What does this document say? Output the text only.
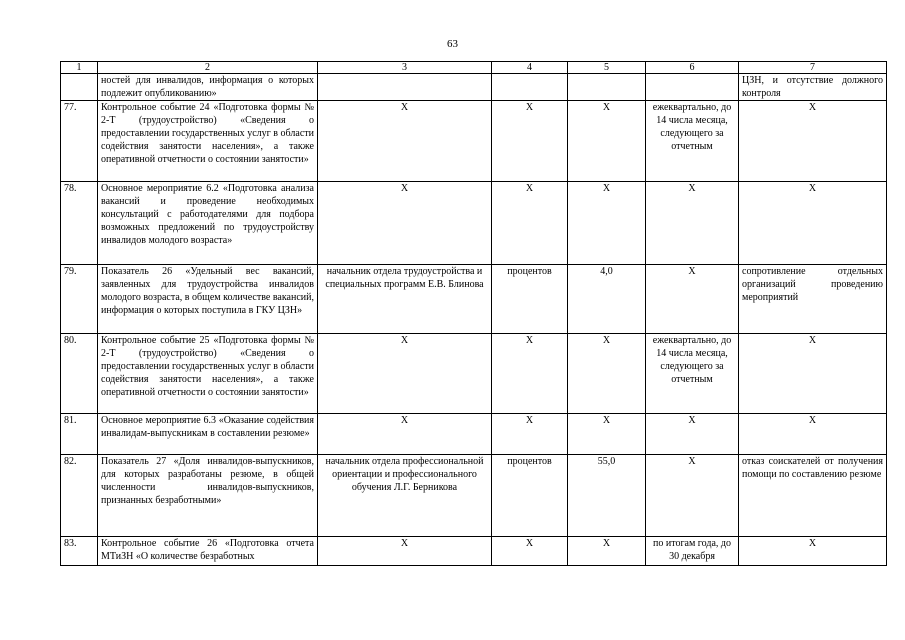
63
1	2	3	4	5	6	7
	ностей для инвалидов, информация о которых подлежит опубликованию»					ЦЗН, и отсутствие должного контроля
77.	Контрольное событие 24 «Подготовка формы № 2-Т (трудоустройство) «Сведения о предоставлении государственных услуг в области содействия занятости населения», а также оперативной отчетности о состоянии занятости»	Х	Х	Х	ежеквартально, до 14 числа месяца, следующего за отчетным	Х
78.	Основное мероприятие 6.2 «Подготовка анализа вакансий и проведение необходимых консультаций с работодателями для подбора возможных предложений по трудоустройству инвалидов молодого возраста»	Х	Х	Х	Х	Х
79.	Показатель 26 «Удельный вес вакансий, заявленных для трудоустройства инвалидов молодого возраста, в общем количестве вакансий, информация о которых поступила в ГКУ ЦЗН»	начальник отдела трудоустройства и специальных программ Е.В. Блинова	процентов	4,0	Х	сопротивление отдельных организаций проведению мероприятий
80.	Контрольное событие 25 «Подготовка формы № 2-Т (трудоустройство) «Сведения о предоставлении государственных услуг в области содействия занятости населения», а также оперативной отчетности о состоянии занятости»	Х	Х	Х	ежеквартально, до 14 числа месяца, следующего за отчетным	Х
81.	Основное мероприятие 6.3 «Оказание содействия инвалидам-выпускникам в составлении резюме»	Х	Х	Х	Х	Х
82.	Показатель 27 «Доля инвалидов-выпускников, для которых разработаны резюме, в общей численности инвалидов-выпускников, признанных безработными»	начальник отдела профессиональной ориентации и профессионального обучения Л.Г. Берникова	процентов	55,0	Х	отказ соискателей от получения помощи по составлению резюме
83.	Контрольное событие 26 «Подготовка отчета МТиЗН «О количестве безработных	Х	Х	Х	по итогам года, до 30 декабря	Х
